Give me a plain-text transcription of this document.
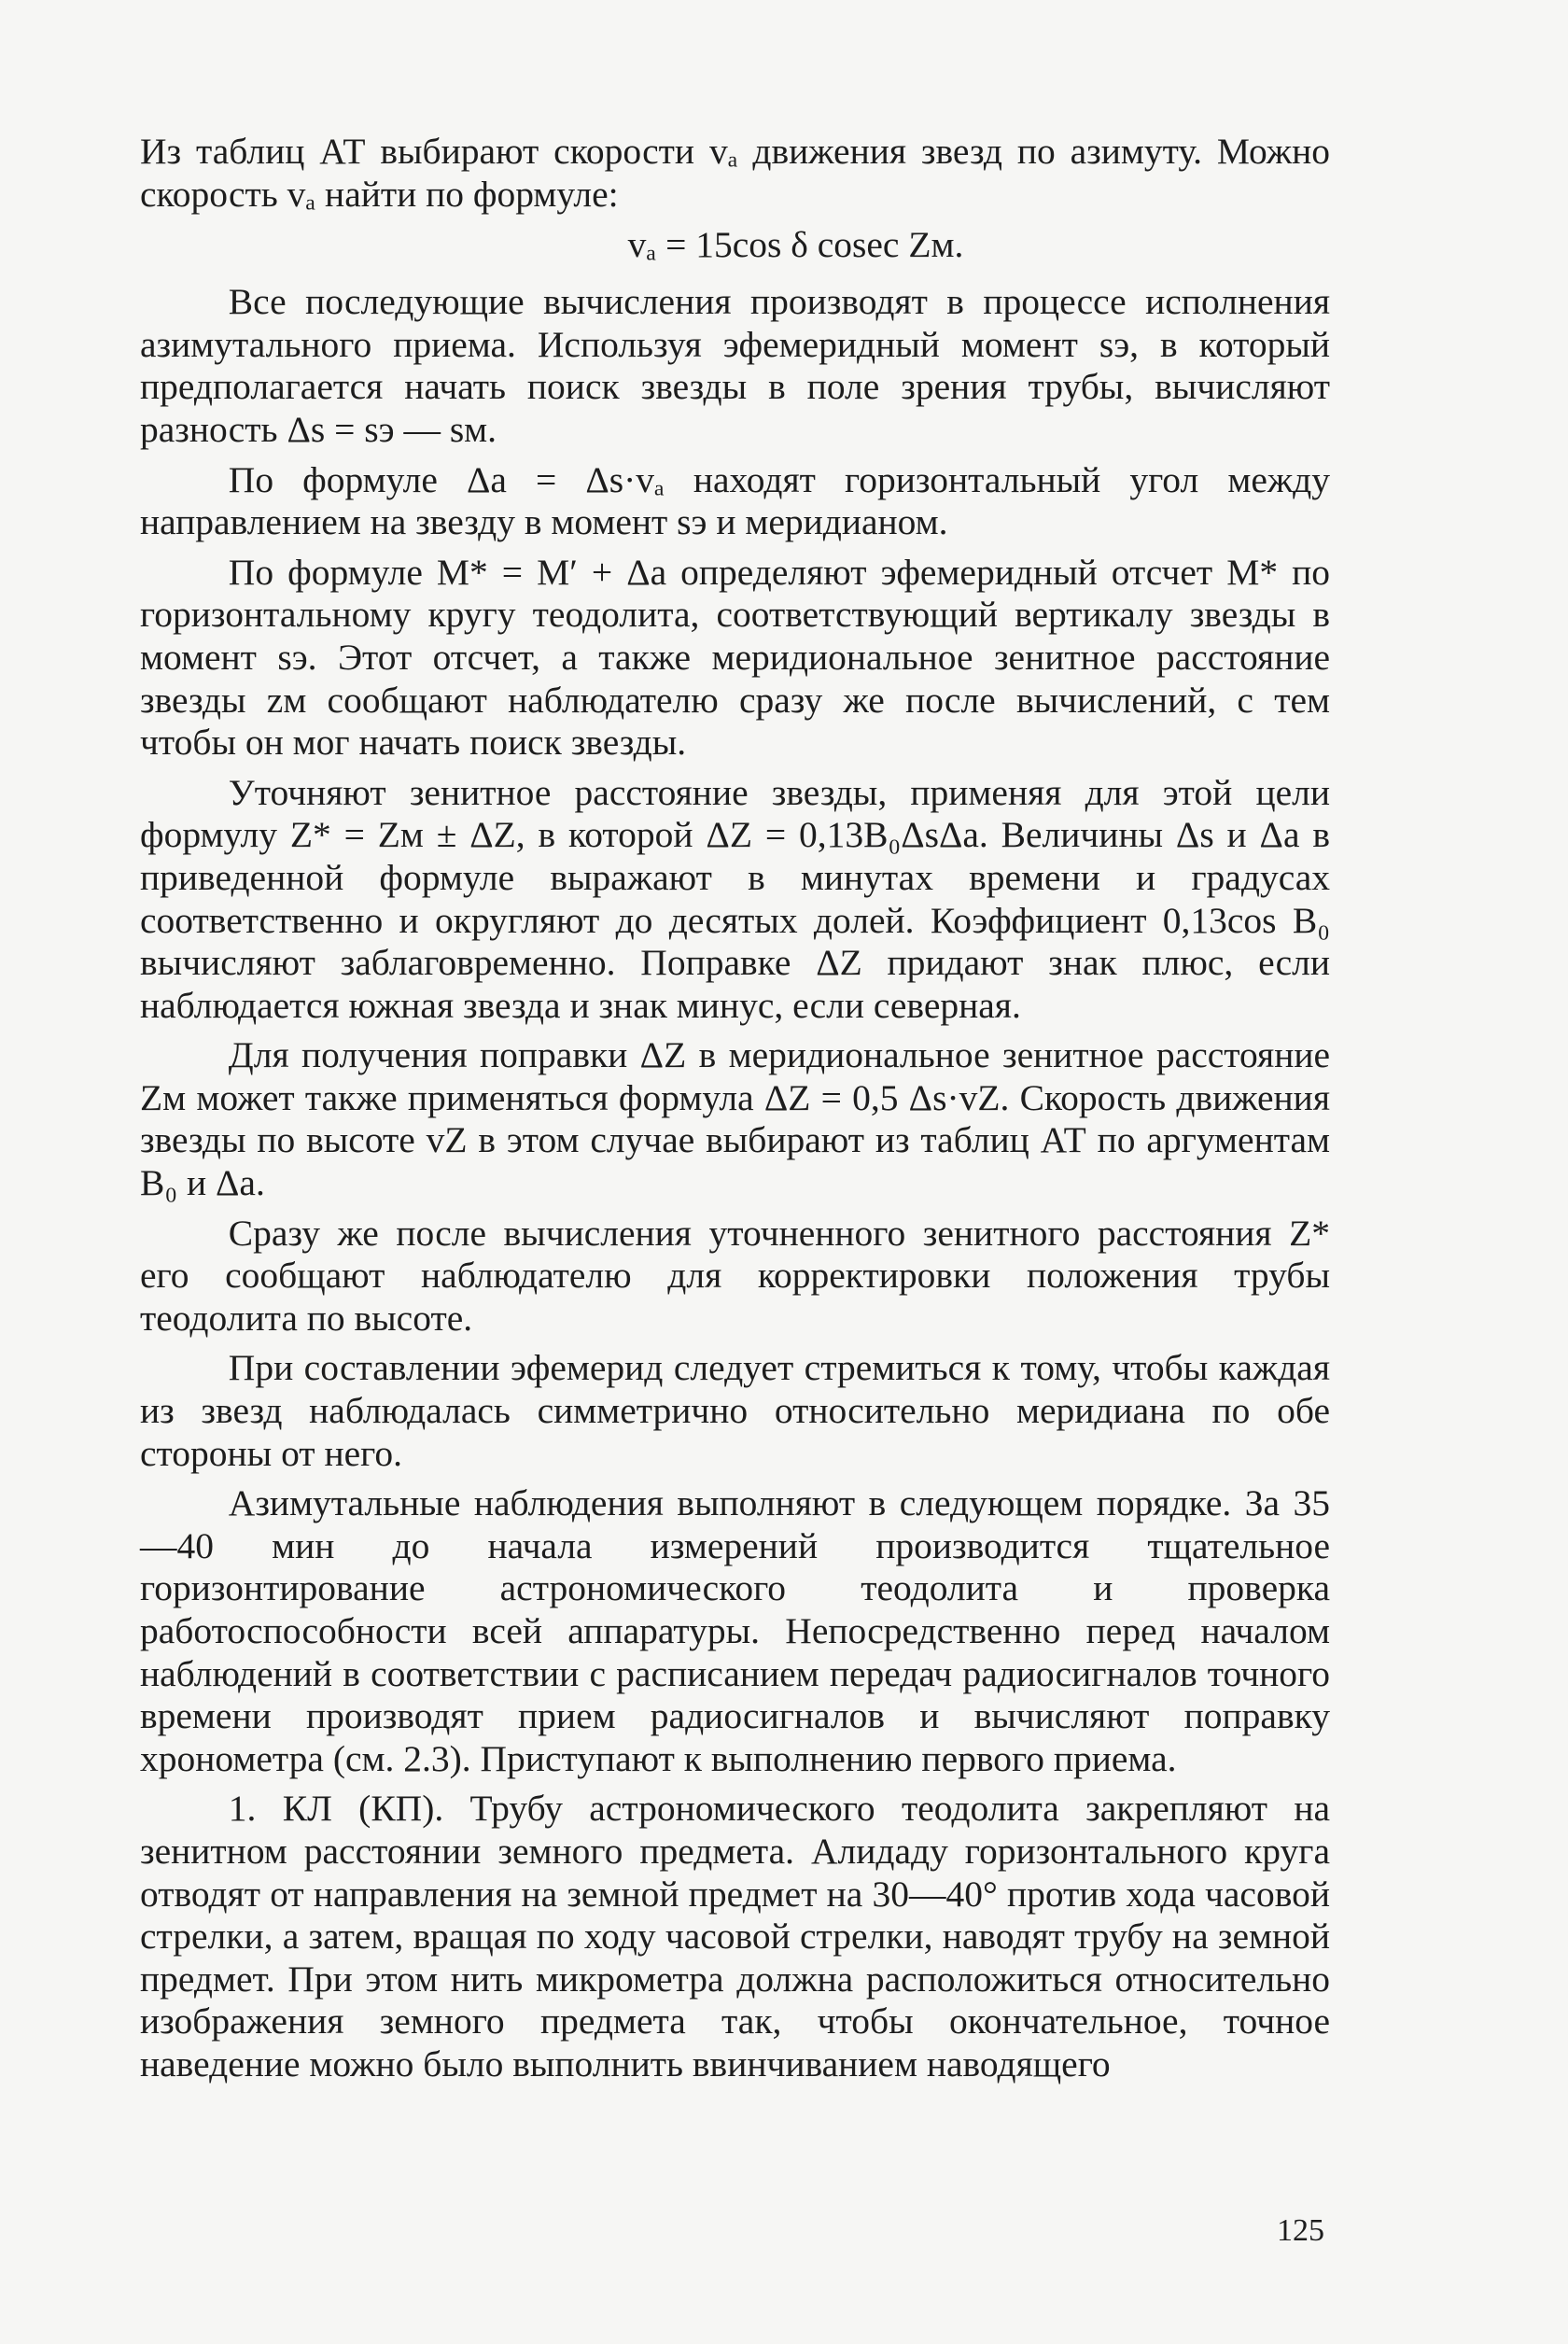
Из таблиц АТ выбирают скорости vₐ движения звезд по азимуту. Можно скорость vₐ найти по формуле:

vₐ = 15cos δ cosec Zм.

Все последующие вычисления производят в процессе исполнения азимутального приема. Используя эфемеридный момент sэ, в который предполагается начать поиск звезды в поле зрения трубы, вычисляют разность Δs = sэ — sм.

По формуле Δa = Δs·vₐ находят горизонтальный угол между направлением на звезду в момент sэ и меридианом.

По формуле M* = M′ + Δa определяют эфемеридный отсчет M* по горизонтальному кругу теодолита, соответствующий вертикалу звезды в момент sэ. Этот отсчет, а также меридиональное зенитное расстояние звезды zм сообщают наблюдателю сразу же после вычислений, с тем чтобы он мог начать поиск звезды.

Уточняют зенитное расстояние звезды, применяя для этой цели формулу Z* = Zм ± ΔZ, в которой ΔZ = 0,13B₀ΔsΔa. Величины Δs и Δa в приведенной формуле выражают в минутах времени и градусах соответственно и округляют до десятых долей. Коэффициент 0,13cos B₀ вычисляют заблаговременно. Поправке ΔZ придают знак плюс, если наблюдается южная звезда и знак минус, если северная.

Для получения поправки ΔZ в меридиональное зенитное расстояние Zм может также применяться формула ΔZ = 0,5 Δs·vZ. Скорость движения звезды по высоте vZ в этом случае выбирают из таблиц АТ по аргументам B₀ и Δa.

Сразу же после вычисления уточненного зенитного расстояния Z* его сообщают наблюдателю для корректировки положения трубы теодолита по высоте.

При составлении эфемерид следует стремиться к тому, чтобы каждая из звезд наблюдалась симметрично относительно меридиана по обе стороны от него.

Азимутальные наблюдения выполняют в следующем порядке. За 35—40 мин до начала измерений производится тщательное горизонтирование астрономического теодолита и проверка работоспособности всей аппаратуры. Непосредственно перед началом наблюдений в соответствии с расписанием передач радиосигналов точного времени производят прием радиосигналов и вычисляют поправку хронометра (см. 2.3). Приступают к выполнению первого приема.

1. КЛ (КП). Трубу астрономического теодолита закрепляют на зенитном расстоянии земного предмета. Алидаду горизонтального круга отводят от направления на земной предмет на 30—40° против хода часовой стрелки, а затем, вращая по ходу часовой стрелки, наводят трубу на земной предмет. При этом нить микрометра должна расположиться относительно изображения земного предмета так, чтобы окончательное, точное наведение можно было выполнить ввинчиванием наводящего

125
